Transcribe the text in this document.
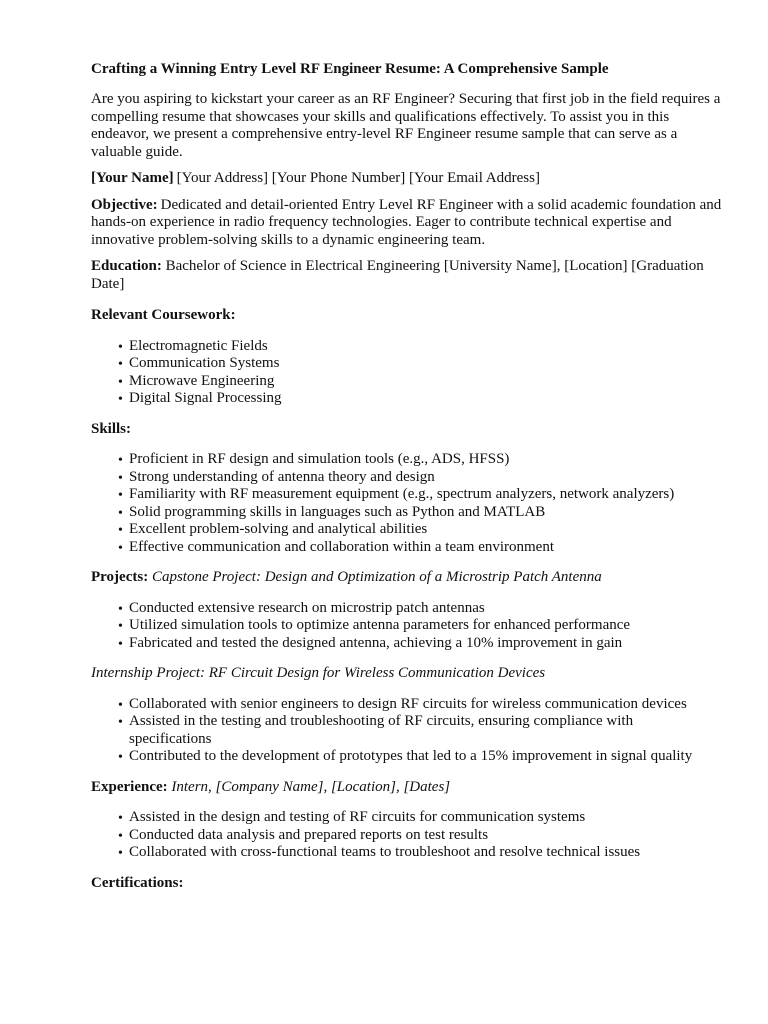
Crafting a Winning Entry Level RF Engineer Resume: A Comprehensive Sample

Are you aspiring to kickstart your career as an RF Engineer? Securing that first job in the field requires a compelling resume that showcases your skills and qualifications effectively. To assist you in this endeavor, we present a comprehensive entry-level RF Engineer resume sample that can serve as a valuable guide.

[Your Name] [Your Address] [Your Phone Number] [Your Email Address]

Objective: Dedicated and detail-oriented Entry Level RF Engineer with a solid academic foundation and hands-on experience in radio frequency technologies. Eager to contribute technical expertise and innovative problem-solving skills to a dynamic engineering team.

Education: Bachelor of Science in Electrical Engineering [University Name], [Location] [Graduation Date]

Relevant Coursework:
• Electromagnetic Fields
• Communication Systems
• Microwave Engineering
• Digital Signal Processing
Skills:
• Proficient in RF design and simulation tools (e.g., ADS, HFSS)
• Strong understanding of antenna theory and design
• Familiarity with RF measurement equipment (e.g., spectrum analyzers, network analyzers)
• Solid programming skills in languages such as Python and MATLAB
• Excellent problem-solving and analytical abilities
• Effective communication and collaboration within a team environment

Projects: Capstone Project: Design and Optimization of a Microstrip Patch Antenna

• Conducted extensive research on microstrip patch antennas
• Utilized simulation tools to optimize antenna parameters for enhanced performance
• Fabricated and tested the designed antenna, achieving a 10% improvement in gain

Internship Project: RF Circuit Design for Wireless Communication Devices

• Collaborated with senior engineers to design RF circuits for wireless communication devices
• Assisted in the testing and troubleshooting of RF circuits, ensuring compliance with specifications
• Contributed to the development of prototypes that led to a 15% improvement in signal quality

Experience: Intern, [Company Name], [Location], [Dates]

• Assisted in the design and testing of RF circuits for communication systems
• Conducted data analysis and prepared reports on test results
• Collaborated with cross-functional teams to troubleshoot and resolve technical issues
Certifications:
